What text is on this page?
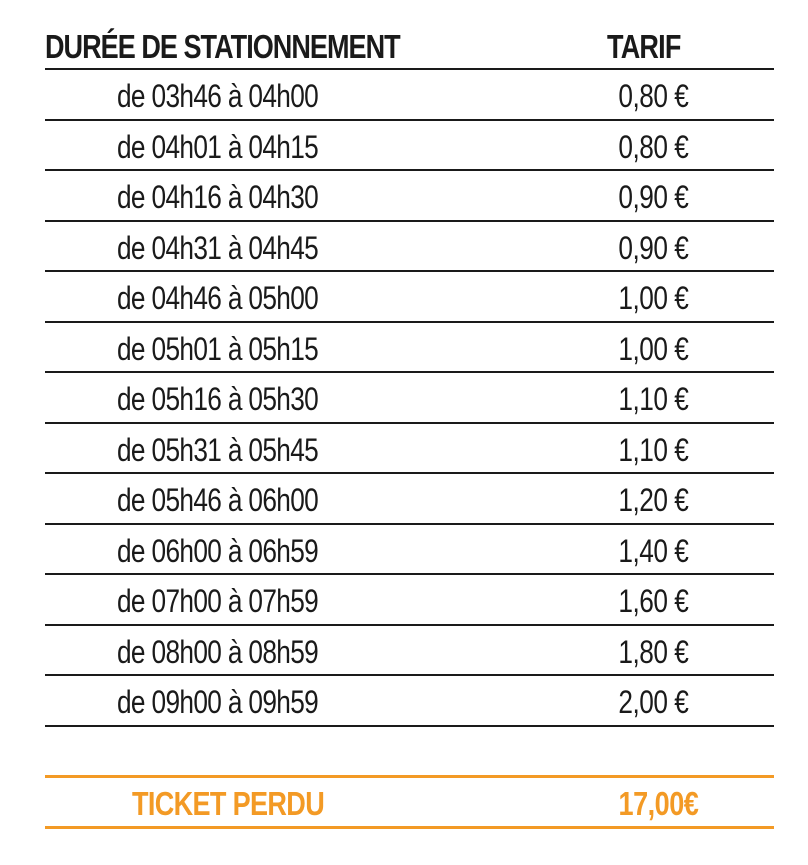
DURÉE DE STATIONNEMENT	TARIF
de 03h46 à 04h00	0,80 €
de 04h01 à 04h15	0,80 €
de 04h16 à 04h30	0,90 €
de 04h31 à 04h45	0,90 €
de 04h46 à 05h00	1,00 €
de 05h01 à 05h15	1,00 €
de 05h16 à 05h30	1,10 €
de 05h31 à 05h45	1,10 €
de 05h46 à 06h00	1,20 €
de 06h00 à 06h59	1,40 €
de 07h00 à 07h59	1,60 €
de 08h00 à 08h59	1,80 €
de 09h00 à 09h59	2,00 €
TICKET PERDU	17,00€
